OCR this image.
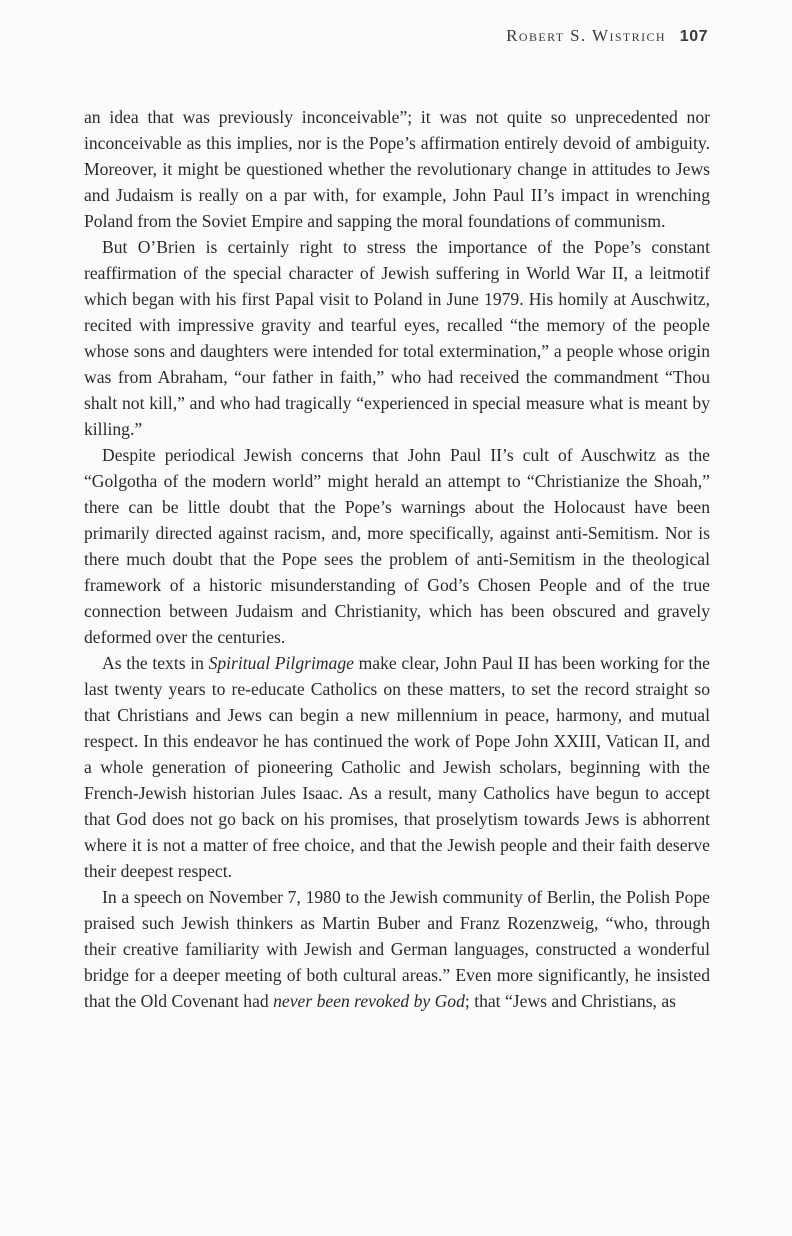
Robert S. Wistrich 107

an idea that was previously inconceivable”; it was not quite so unprecedented nor inconceivable as this implies, nor is the Pope’s affirmation entirely devoid of ambiguity. Moreover, it might be questioned whether the revolutionary change in attitudes to Jews and Judaism is really on a par with, for example, John Paul II’s impact in wrenching Poland from the Soviet Empire and sapping the moral foundations of communism.

But O’Brien is certainly right to stress the importance of the Pope’s constant reaffirmation of the special character of Jewish suffering in World War II, a leitmotif which began with his first Papal visit to Poland in June 1979. His homily at Auschwitz, recited with impressive gravity and tearful eyes, recalled “the memory of the people whose sons and daughters were intended for total extermination,” a people whose origin was from Abraham, “our father in faith,” who had received the commandment “Thou shalt not kill,” and who had tragically “experienced in special measure what is meant by killing.”

Despite periodical Jewish concerns that John Paul II’s cult of Auschwitz as the “Golgotha of the modern world” might herald an attempt to “Christianize the Shoah,” there can be little doubt that the Pope’s warnings about the Holocaust have been primarily directed against racism, and, more specifically, against anti-Semitism. Nor is there much doubt that the Pope sees the problem of anti-Semitism in the theological framework of a historic misunderstanding of God’s Chosen People and of the true connection between Judaism and Christianity, which has been obscured and gravely deformed over the centuries.

As the texts in Spiritual Pilgrimage make clear, John Paul II has been working for the last twenty years to re-educate Catholics on these matters, to set the record straight so that Christians and Jews can begin a new millennium in peace, harmony, and mutual respect. In this endeavor he has continued the work of Pope John XXIII, Vatican II, and a whole generation of pioneering Catholic and Jewish scholars, beginning with the French-Jewish historian Jules Isaac. As a result, many Catholics have begun to accept that God does not go back on his promises, that proselytism towards Jews is abhorrent where it is not a matter of free choice, and that the Jewish people and their faith deserve their deepest respect.

In a speech on November 7, 1980 to the Jewish community of Berlin, the Polish Pope praised such Jewish thinkers as Martin Buber and Franz Rozenzweig, “who, through their creative familiarity with Jewish and German languages, constructed a wonderful bridge for a deeper meeting of both cultural areas.” Even more significantly, he insisted that the Old Covenant had never been revoked by God; that “Jews and Christians, as
